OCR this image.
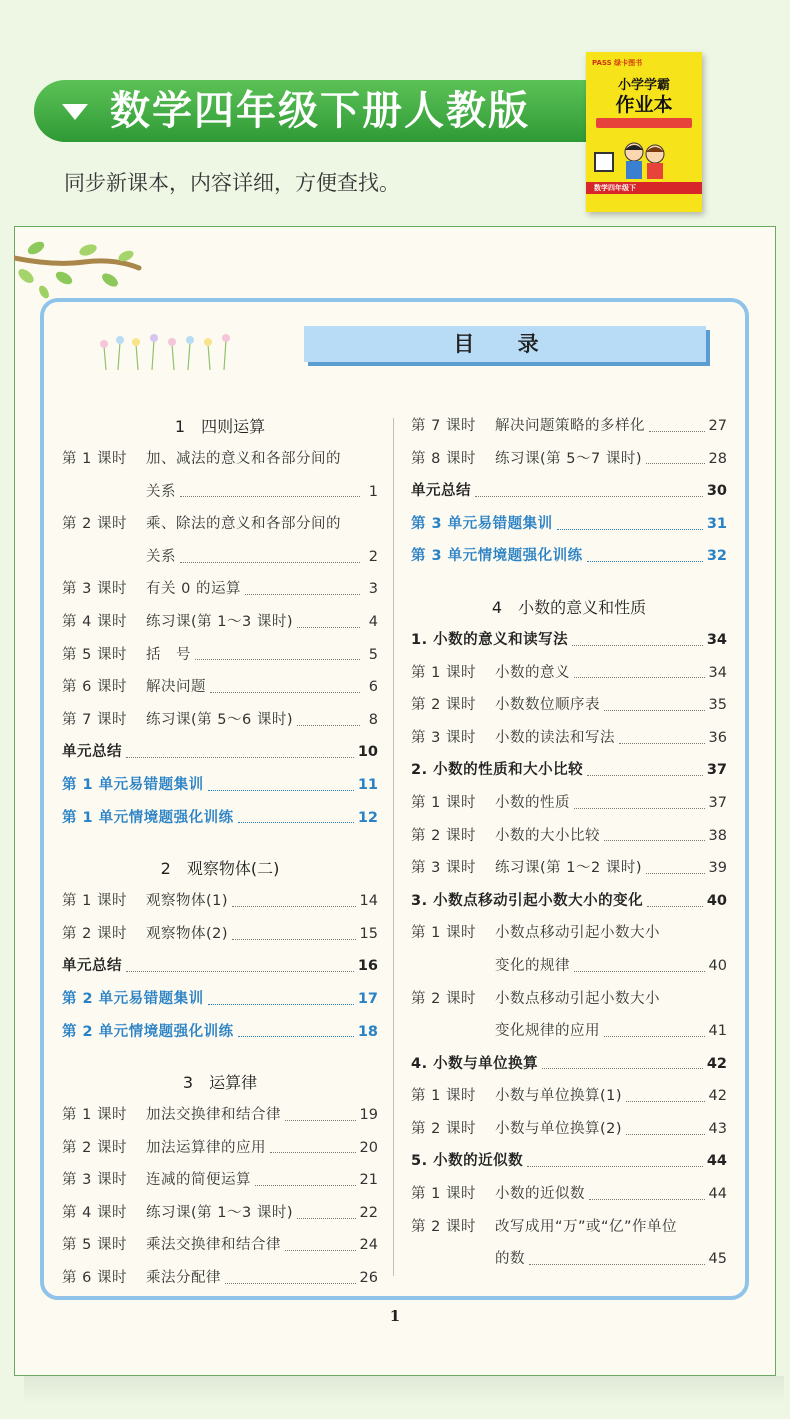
数学四年级下册人教版
同步新课本，内容详细，方便查找。
PASS 绿卡图书
小学学霸
作业本
数学四年级下
目 录
1　四则运算
第 1 课时	加、减法的意义和各部分间的
关系	1
第 2 课时	乘、除法的意义和各部分间的
关系	2
第 3 课时	有关 0 的运算	3
第 4 课时	练习课(第 1～3 课时)	4
第 5 课时	括　号	5
第 6 课时	解决问题	6
第 7 课时	练习课(第 5～6 课时)	8
单元总结	10
第 1 单元易错题集训	11
第 1 单元情境题强化训练	12
2　观察物体(二)
第 1 课时	观察物体(1)	14
第 2 课时	观察物体(2)	15
单元总结	16
第 2 单元易错题集训	17
第 2 单元情境题强化训练	18
3　运算律
第 1 课时	加法交换律和结合律	19
第 2 课时	加法运算律的应用	20
第 3 课时	连减的简便运算	21
第 4 课时	练习课(第 1～3 课时)	22
第 5 课时	乘法交换律和结合律	24
第 6 课时	乘法分配律	26
第 7 课时	解决问题策略的多样化	27
第 8 课时	练习课(第 5～7 课时)	28
单元总结	30
第 3 单元易错题集训	31
第 3 单元情境题强化训练	32
4　小数的意义和性质
1. 小数的意义和读写法	34
第 1 课时	小数的意义	34
第 2 课时	小数数位顺序表	35
第 3 课时	小数的读法和写法	36
2. 小数的性质和大小比较	37
第 1 课时	小数的性质	37
第 2 课时	小数的大小比较	38
第 3 课时	练习课(第 1～2 课时)	39
3. 小数点移动引起小数大小的变化	40
第 1 课时	小数点移动引起小数大小
变化的规律	40
第 2 课时	小数点移动引起小数大小
变化规律的应用	41
4. 小数与单位换算	42
第 1 课时	小数与单位换算(1)	42
第 2 课时	小数与单位换算(2)	43
5. 小数的近似数	44
第 1 课时	小数的近似数	44
第 2 课时	改写成用“万”或“亿”作单位
的数	45
1
